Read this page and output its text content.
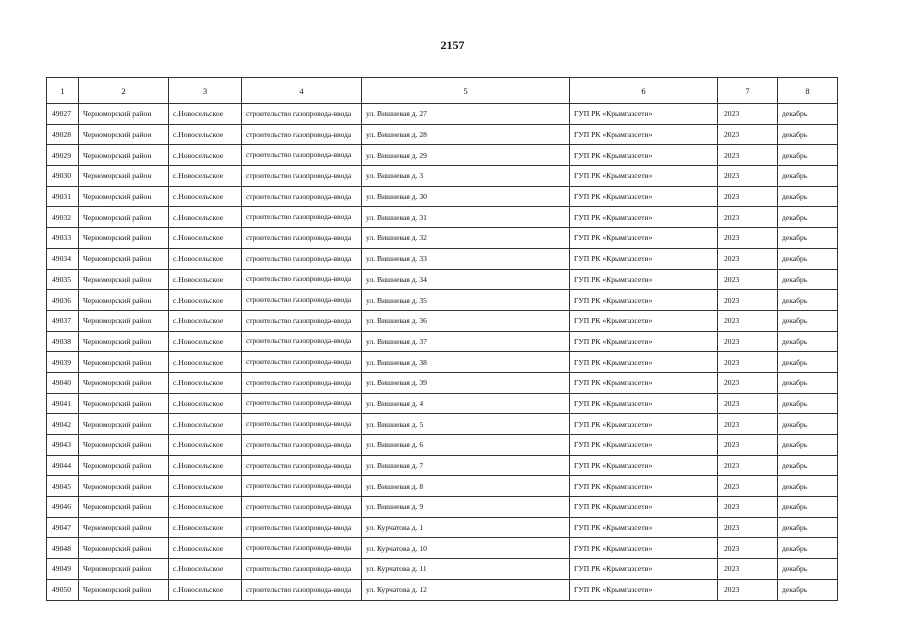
2157
1	2	3	4	5	6	7	8
49027	Черноморский район	с.Новосельское	строительство газопровода-ввода	ул. Вишневая д. 27	ГУП РК «Крымгазсети»	2023	декабрь
49028	Черноморский район	с.Новосельское	строительство газопровода-ввода	ул. Вишневая д. 28	ГУП РК «Крымгазсети»	2023	декабрь
49029	Черноморский район	с.Новосельское	строительство газопровода-ввода	ул. Вишневая д. 29	ГУП РК «Крымгазсети»	2023	декабрь
49030	Черноморский район	с.Новосельское	строительство газопровода-ввода	ул. Вишневая д. 3	ГУП РК «Крымгазсети»	2023	декабрь
49031	Черноморский район	с.Новосельское	строительство газопровода-ввода	ул. Вишневая д. 30	ГУП РК «Крымгазсети»	2023	декабрь
49032	Черноморский район	с.Новосельское	строительство газопровода-ввода	ул. Вишневая д. 31	ГУП РК «Крымгазсети»	2023	декабрь
49033	Черноморский район	с.Новосельское	строительство газопровода-ввода	ул. Вишневая д. 32	ГУП РК «Крымгазсети»	2023	декабрь
49034	Черноморский район	с.Новосельское	строительство газопровода-ввода	ул. Вишневая д. 33	ГУП РК «Крымгазсети»	2023	декабрь
49035	Черноморский район	с.Новосельское	строительство газопровода-ввода	ул. Вишневая д. 34	ГУП РК «Крымгазсети»	2023	декабрь
49036	Черноморский район	с.Новосельское	строительство газопровода-ввода	ул. Вишневая д. 35	ГУП РК «Крымгазсети»	2023	декабрь
49037	Черноморский район	с.Новосельское	строительство газопровода-ввода	ул. Вишневая д. 36	ГУП РК «Крымгазсети»	2023	декабрь
49038	Черноморский район	с.Новосельское	строительство газопровода-ввода	ул. Вишневая д. 37	ГУП РК «Крымгазсети»	2023	декабрь
49039	Черноморский район	с.Новосельское	строительство газопровода-ввода	ул. Вишневая д. 38	ГУП РК «Крымгазсети»	2023	декабрь
49040	Черноморский район	с.Новосельское	строительство газопровода-ввода	ул. Вишневая д. 39	ГУП РК «Крымгазсети»	2023	декабрь
49041	Черноморский район	с.Новосельское	строительство газопровода-ввода	ул. Вишневая д. 4	ГУП РК «Крымгазсети»	2023	декабрь
49042	Черноморский район	с.Новосельское	строительство газопровода-ввода	ул. Вишневая д. 5	ГУП РК «Крымгазсети»	2023	декабрь
49043	Черноморский район	с.Новосельское	строительство газопровода-ввода	ул. Вишневая д. 6	ГУП РК «Крымгазсети»	2023	декабрь
49044	Черноморский район	с.Новосельское	строительство газопровода-ввода	ул. Вишневая д. 7	ГУП РК «Крымгазсети»	2023	декабрь
49045	Черноморский район	с.Новосельское	строительство газопровода-ввода	ул. Вишневая д. 8	ГУП РК «Крымгазсети»	2023	декабрь
49046	Черноморский район	с.Новосельское	строительство газопровода-ввода	ул. Вишневая д. 9	ГУП РК «Крымгазсети»	2023	декабрь
49047	Черноморский район	с.Новосельское	строительство газопровода-ввода	ул. Курчатова д. 1	ГУП РК «Крымгазсети»	2023	декабрь
49048	Черноморский район	с.Новосельское	строительство газопровода-ввода	ул. Курчатова д. 10	ГУП РК «Крымгазсети»	2023	декабрь
49049	Черноморский район	с.Новосельское	строительство газопровода-ввода	ул. Курчатова д. 11	ГУП РК «Крымгазсети»	2023	декабрь
49050	Черноморский район	с.Новосельское	строительство газопровода-ввода	ул. Курчатова д. 12	ГУП РК «Крымгазсети»	2023	декабрь
